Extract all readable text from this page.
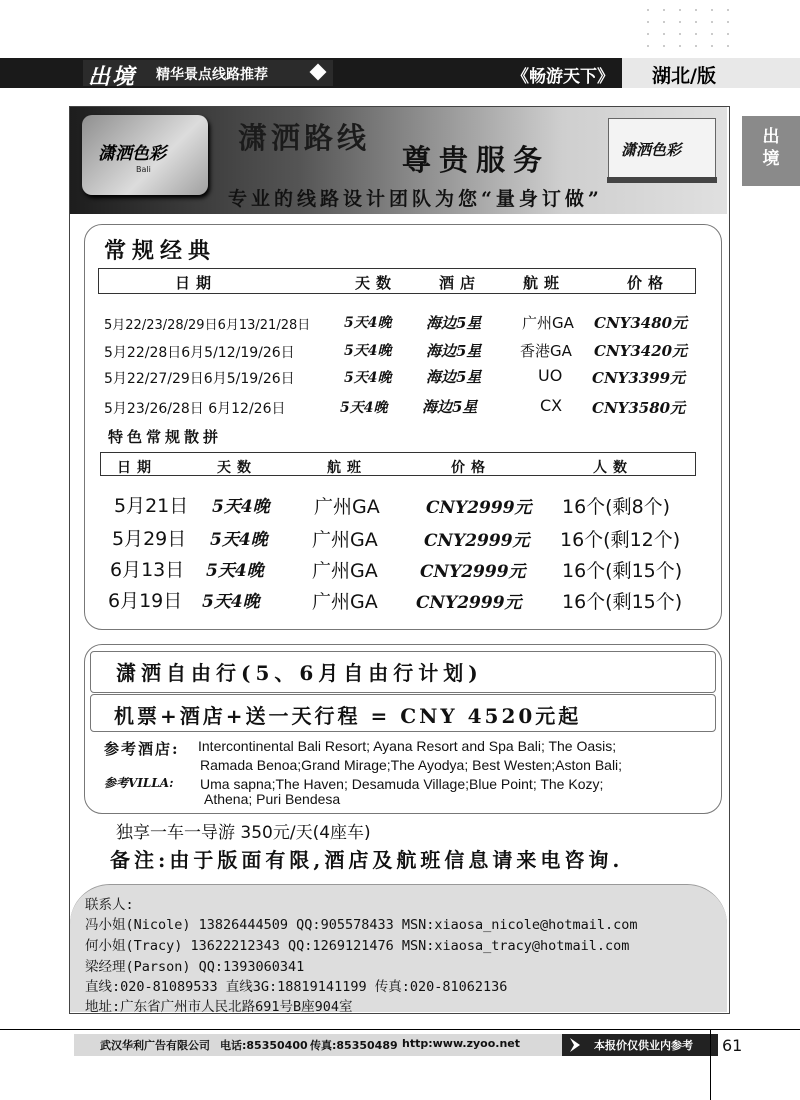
出境 精华景点线路推荐	《畅游天下》 湖北/版
出境
潇洒色彩
Bali
潇洒路线
尊贵服务
专业的线路设计团队为您“量身订做”
潇洒色彩
常规经典
日期	天数	酒店	航班	价格
5月22/23/28/29日6月13/21/28日 5天4晚 海边5星	广州GA CNY3480元
5月22/28日6月5/12/19/26日	5天4晚 海边5星	香港GA CNY3420元
5月22/27/29日6月5/19/26日	5天4晚 海边5星	UO CNY3399元
5月23/26/28日 6月12/26日	5天4晚 海边5星	CX CNY3580元
特色常规散拼
日期	天数	航班	价格	人数
5月21日 5天4晚 广州GA	CNY2999元 16个(剩8个)
5月29日 5天4晚 广州GA	CNY2999元 16个(剩12个)
6月13日 5天4晚	广州GA CNY2999元 16个(剩15个)
6月19日 5天4晚	广州GA CNY2999元 16个(剩15个)
潇洒自由行(5、6月自由行计划)
机票+酒店+送一天行程 = CNY 4520元起
参考酒店: Intercontinental Bali Resort; Ayana Resort and Spa Bali; The Oasis;
Ramada Benoa;Grand Mirage;The Ayodya; Best Westen;Aston Bali;
参考VILLA: Uma sapna;The Haven; Desamuda Village;Blue Point; The Kozy;
Athena; Puri Bendesa
独享一车一导游 350元/天(4座车)
备注:由于版面有限,酒店及航班信息请来电咨询.
联系人:
冯小姐(Nicole) 13826444509 QQ:905578433 MSN:xiaosa_nicole@hotmail.com
何小姐(Tracy) 13622212343 QQ:1269121476 MSN:xiaosa_tracy@hotmail.com
梁经理(Parson) QQ:1393060341
直线:020-81089533 直线3G:18819141199 传真:020-81062136
地址:广东省广州市人民北路691号B座904室
武汉华利广告有限公司 电话:85350400 传真:85350489 http:www.zyoo.net	本报价仅供业内参考 61
